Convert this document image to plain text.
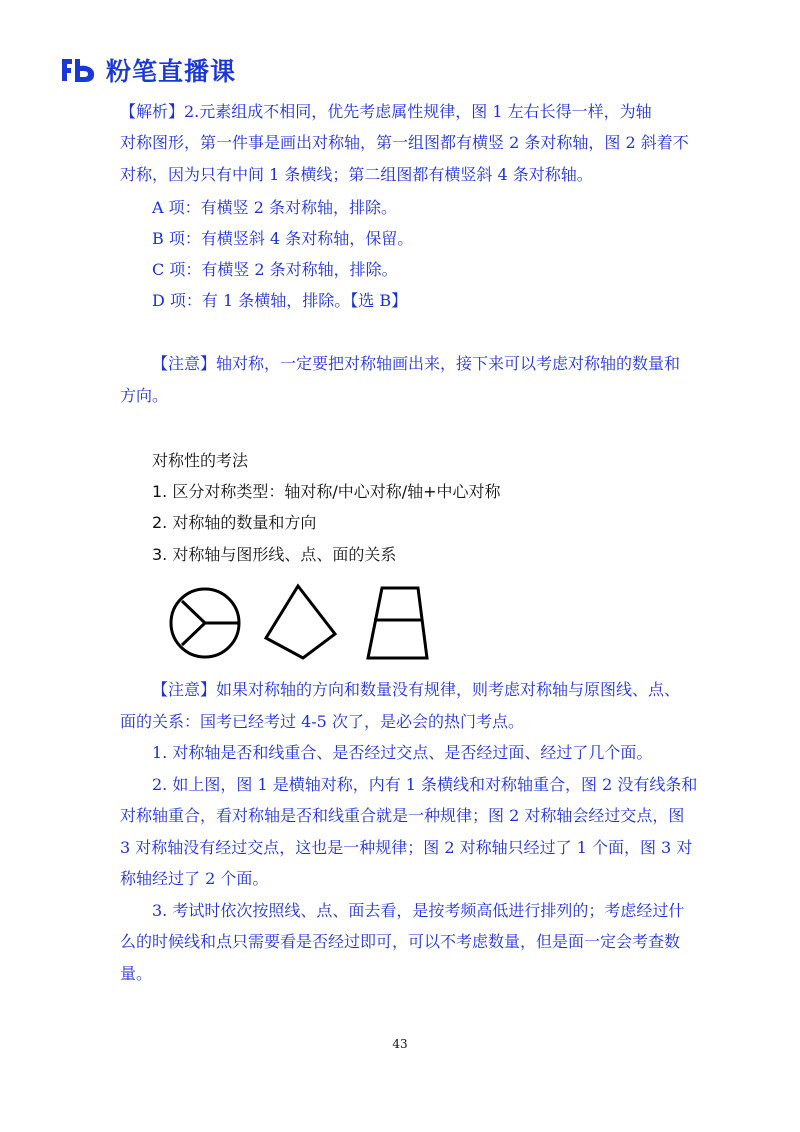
粉笔直播课
【解析】2.元素组成不相同，优先考虑属性规律，图 1 左右长得一样，为轴
对称图形，第一件事是画出对称轴，第一组图都有横竖 2 条对称轴，图 2 斜着不
对称，因为只有中间 1 条横线；第二组图都有横竖斜 4 条对称轴。
A 项：有横竖 2 条对称轴，排除。
B 项：有横竖斜 4 条对称轴，保留。
C 项：有横竖 2 条对称轴，排除。
D 项：有 1 条横轴，排除。【选 B】
【注意】轴对称，一定要把对称轴画出来，接下来可以考虑对称轴的数量和
方向。
对称性的考法
1. 区分对称类型：轴对称/中心对称/轴+中心对称
2. 对称轴的数量和方向
3. 对称轴与图形线、点、面的关系
【注意】如果对称轴的方向和数量没有规律，则考虑对称轴与原图线、点、
面的关系：国考已经考过 4-5 次了，是必会的热门考点。
1. 对称轴是否和线重合、是否经过交点、是否经过面、经过了几个面。
2. 如上图，图 1 是横轴对称，内有 1 条横线和对称轴重合，图 2 没有线条和
对称轴重合，看对称轴是否和线重合就是一种规律；图 2 对称轴会经过交点，图
3 对称轴没有经过交点，这也是一种规律；图 2 对称轴只经过了 1 个面，图 3 对
称轴经过了 2 个面。
3. 考试时依次按照线、点、面去看，是按考频高低进行排列的；考虑经过什
么的时候线和点只需要看是否经过即可，可以不考虑数量，但是面一定会考查数
量。
43
